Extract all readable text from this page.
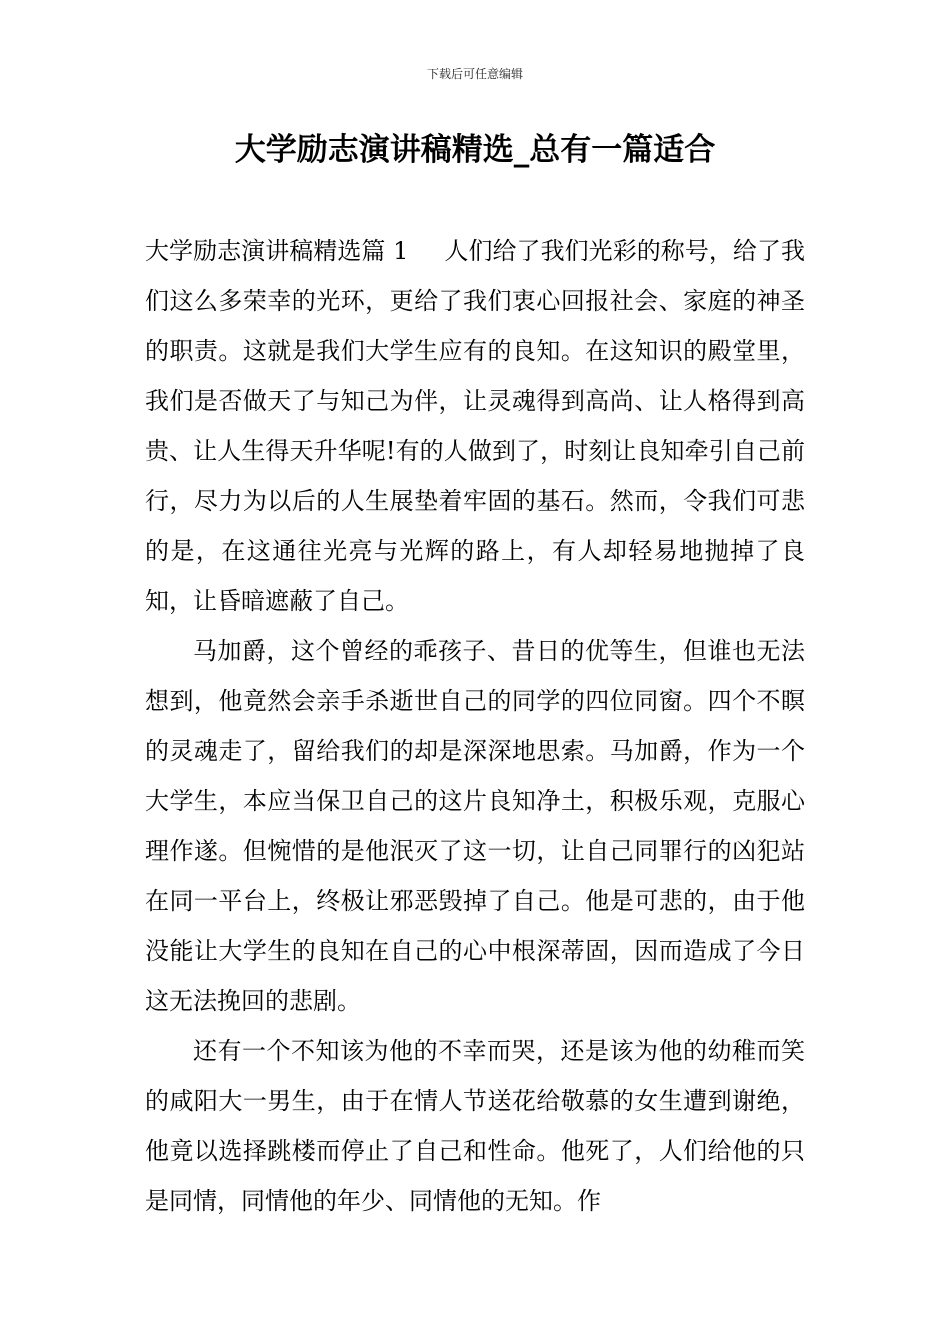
下载后可任意编辑
大学励志演讲稿精选_总有一篇适合

大学励志演讲稿精选篇 1 人们给了我们光彩的称号，给了我们这么多荣幸的光环，更给了我们衷心回报社会、家庭的神圣的职责。这就是我们大学生应有的良知。在这知识的殿堂里，我们是否做天了与知己为伴，让灵魂得到高尚、让人格得到高贵、让人生得天升华呢!有的人做到了，时刻让良知牵引自己前行，尽力为以后的人生展垫着牢固的基石。然而，令我们可悲的是，在这通往光亮与光辉的路上，有人却轻易地抛掉了良知，让昏暗遮蔽了自己。

马加爵，这个曾经的乖孩子、昔日的优等生，但谁也无法想到，他竟然会亲手杀逝世自己的同学的四位同窗。四个不瞑的灵魂走了，留给我们的却是深深地思索。马加爵，作为一个大学生，本应当保卫自己的这片良知净土，积极乐观，克服心理作遂。但惋惜的是他泯灭了这一切，让自己同罪行的凶犯站在同一平台上，终极让邪恶毁掉了自己。他是可悲的，由于他没能让大学生的良知在自己的心中根深蒂固，因而造成了今日这无法挽回的悲剧。

还有一个不知该为他的不幸而哭，还是该为他的幼稚而笑的咸阳大一男生，由于在情人节送花给敬慕的女生遭到谢绝，他竟以选择跳楼而停止了自己和性命。他死了，人们给他的只是同情，同情他的年少、同情他的无知。作
